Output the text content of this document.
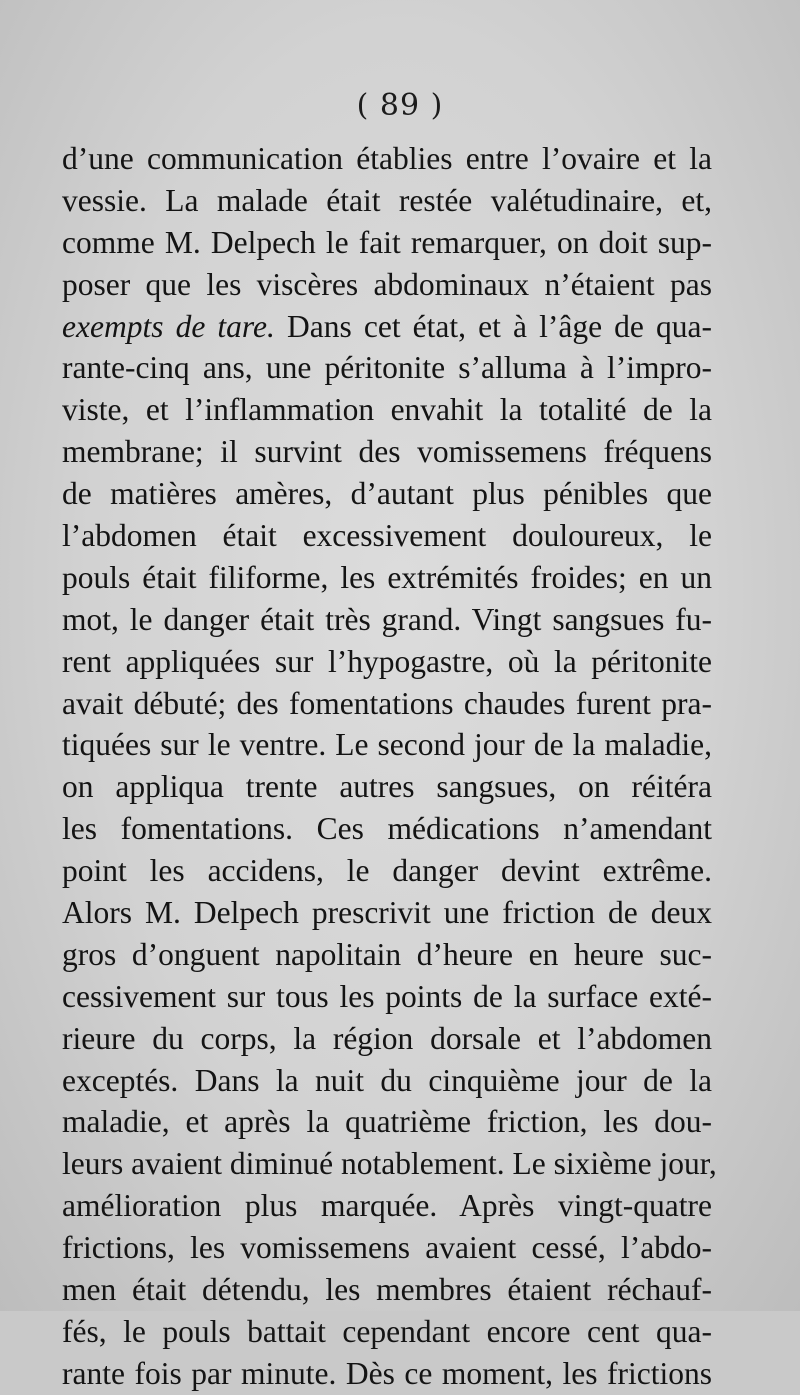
( 89 )
d’une communication établies entre l’ovaire et la
vessie. La malade était restée valétudinaire, et,
comme M. Delpech le fait remarquer, on doit sup-
poser que les viscères abdominaux n’étaient pas
exempts de tare. Dans cet état, et à l’âge de qua-
rante-cinq ans, une péritonite s’alluma à l’impro-
viste, et l’inflammation envahit la totalité de la
membrane; il survint des vomissemens fréquens
de matières amères, d’autant plus pénibles que
l’abdomen était excessivement douloureux, le
pouls était filiforme, les extrémités froides; en un
mot, le danger était très grand. Vingt sangsues fu-
rent appliquées sur l’hypogastre, où la péritonite
avait débuté; des fomentations chaudes furent pra-
tiquées sur le ventre. Le second jour de la maladie,
on appliqua trente autres sangsues, on réitéra
les fomentations. Ces médications n’amendant
point les accidens, le danger devint extrême.
Alors M. Delpech prescrivit une friction de deux
gros d’onguent napolitain d’heure en heure suc-
cessivement sur tous les points de la surface exté-
rieure du corps, la région dorsale et l’abdomen
exceptés. Dans la nuit du cinquième jour de la
maladie, et après la quatrième friction, les dou-
leurs avaient diminué notablement. Le sixième jour,
amélioration plus marquée. Après vingt-quatre
frictions, les vomissemens avaient cessé, l’abdo-
men était détendu, les membres étaient réchauf-
fés, le pouls battait cependant encore cent qua-
rante fois par minute. Dès ce moment, les frictions
